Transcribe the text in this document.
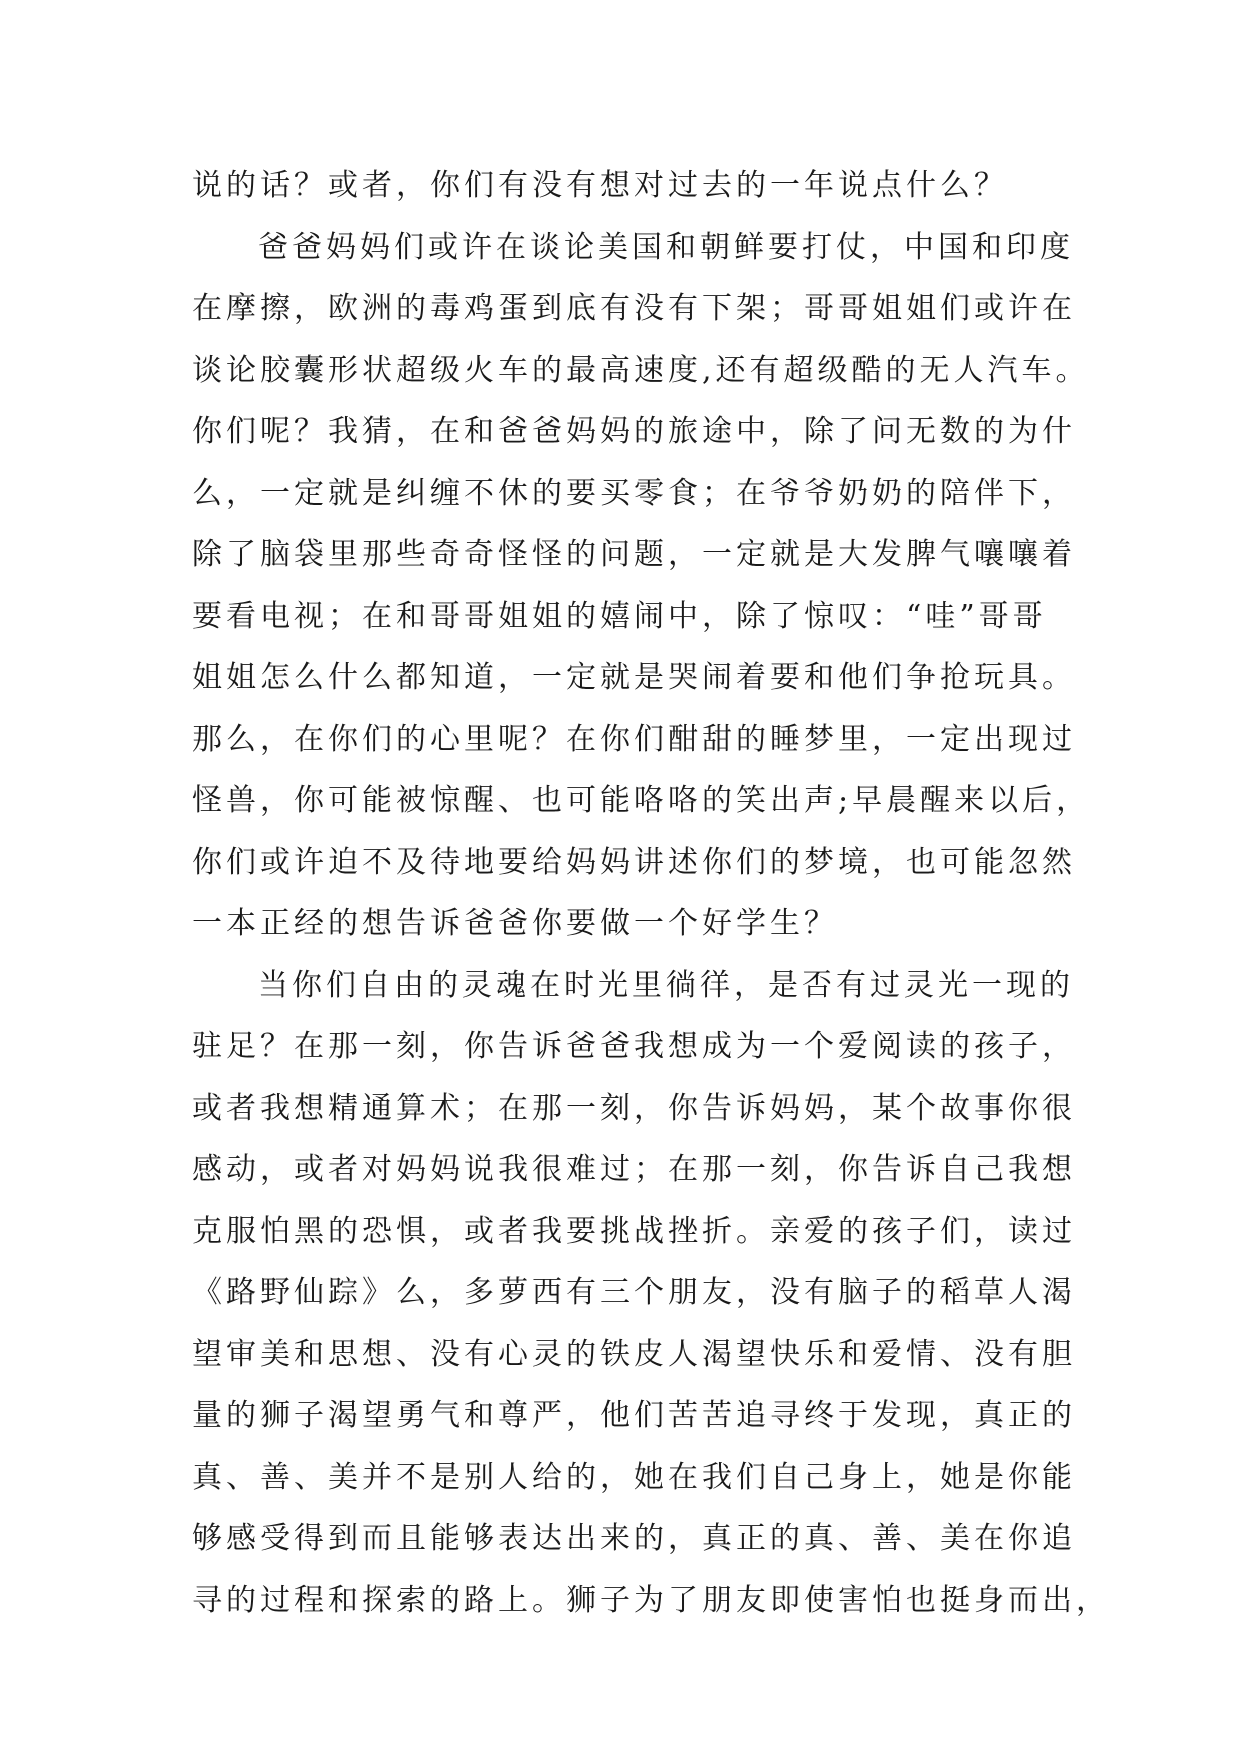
说的话？或者，你们有没有想对过去的一年说点什么？
爸爸妈妈们或许在谈论美国和朝鲜要打仗，中国和印度
在摩擦，欧洲的毒鸡蛋到底有没有下架；哥哥姐姐们或许在
谈论胶囊形状超级火车的最高速度,还有超级酷的无人汽车。
你们呢？我猜，在和爸爸妈妈的旅途中，除了问无数的为什
么，一定就是纠缠不休的要买零食；在爷爷奶奶的陪伴下，
除了脑袋里那些奇奇怪怪的问题，一定就是大发脾气嚷嚷着
要看电视；在和哥哥姐姐的嬉闹中，除了惊叹：“哇”哥哥
姐姐怎么什么都知道，一定就是哭闹着要和他们争抢玩具。
那么，在你们的心里呢？在你们酣甜的睡梦里，一定出现过
怪兽，你可能被惊醒、也可能咯咯的笑出声;早晨醒来以后，
你们或许迫不及待地要给妈妈讲述你们的梦境，也可能忽然
一本正经的想告诉爸爸你要做一个好学生？
当你们自由的灵魂在时光里徜徉，是否有过灵光一现的
驻足？在那一刻，你告诉爸爸我想成为一个爱阅读的孩子，
或者我想精通算术；在那一刻，你告诉妈妈，某个故事你很
感动，或者对妈妈说我很难过；在那一刻，你告诉自己我想
克服怕黑的恐惧，或者我要挑战挫折。亲爱的孩子们，读过
《路野仙踪》么，多萝西有三个朋友，没有脑子的稻草人渴
望审美和思想、没有心灵的铁皮人渴望快乐和爱情、没有胆
量的狮子渴望勇气和尊严，他们苦苦追寻终于发现，真正的
真、善、美并不是别人给的，她在我们自己身上，她是你能
够感受得到而且能够表达出来的，真正的真、善、美在你追
寻的过程和探索的路上。狮子为了朋友即使害怕也挺身而出，
